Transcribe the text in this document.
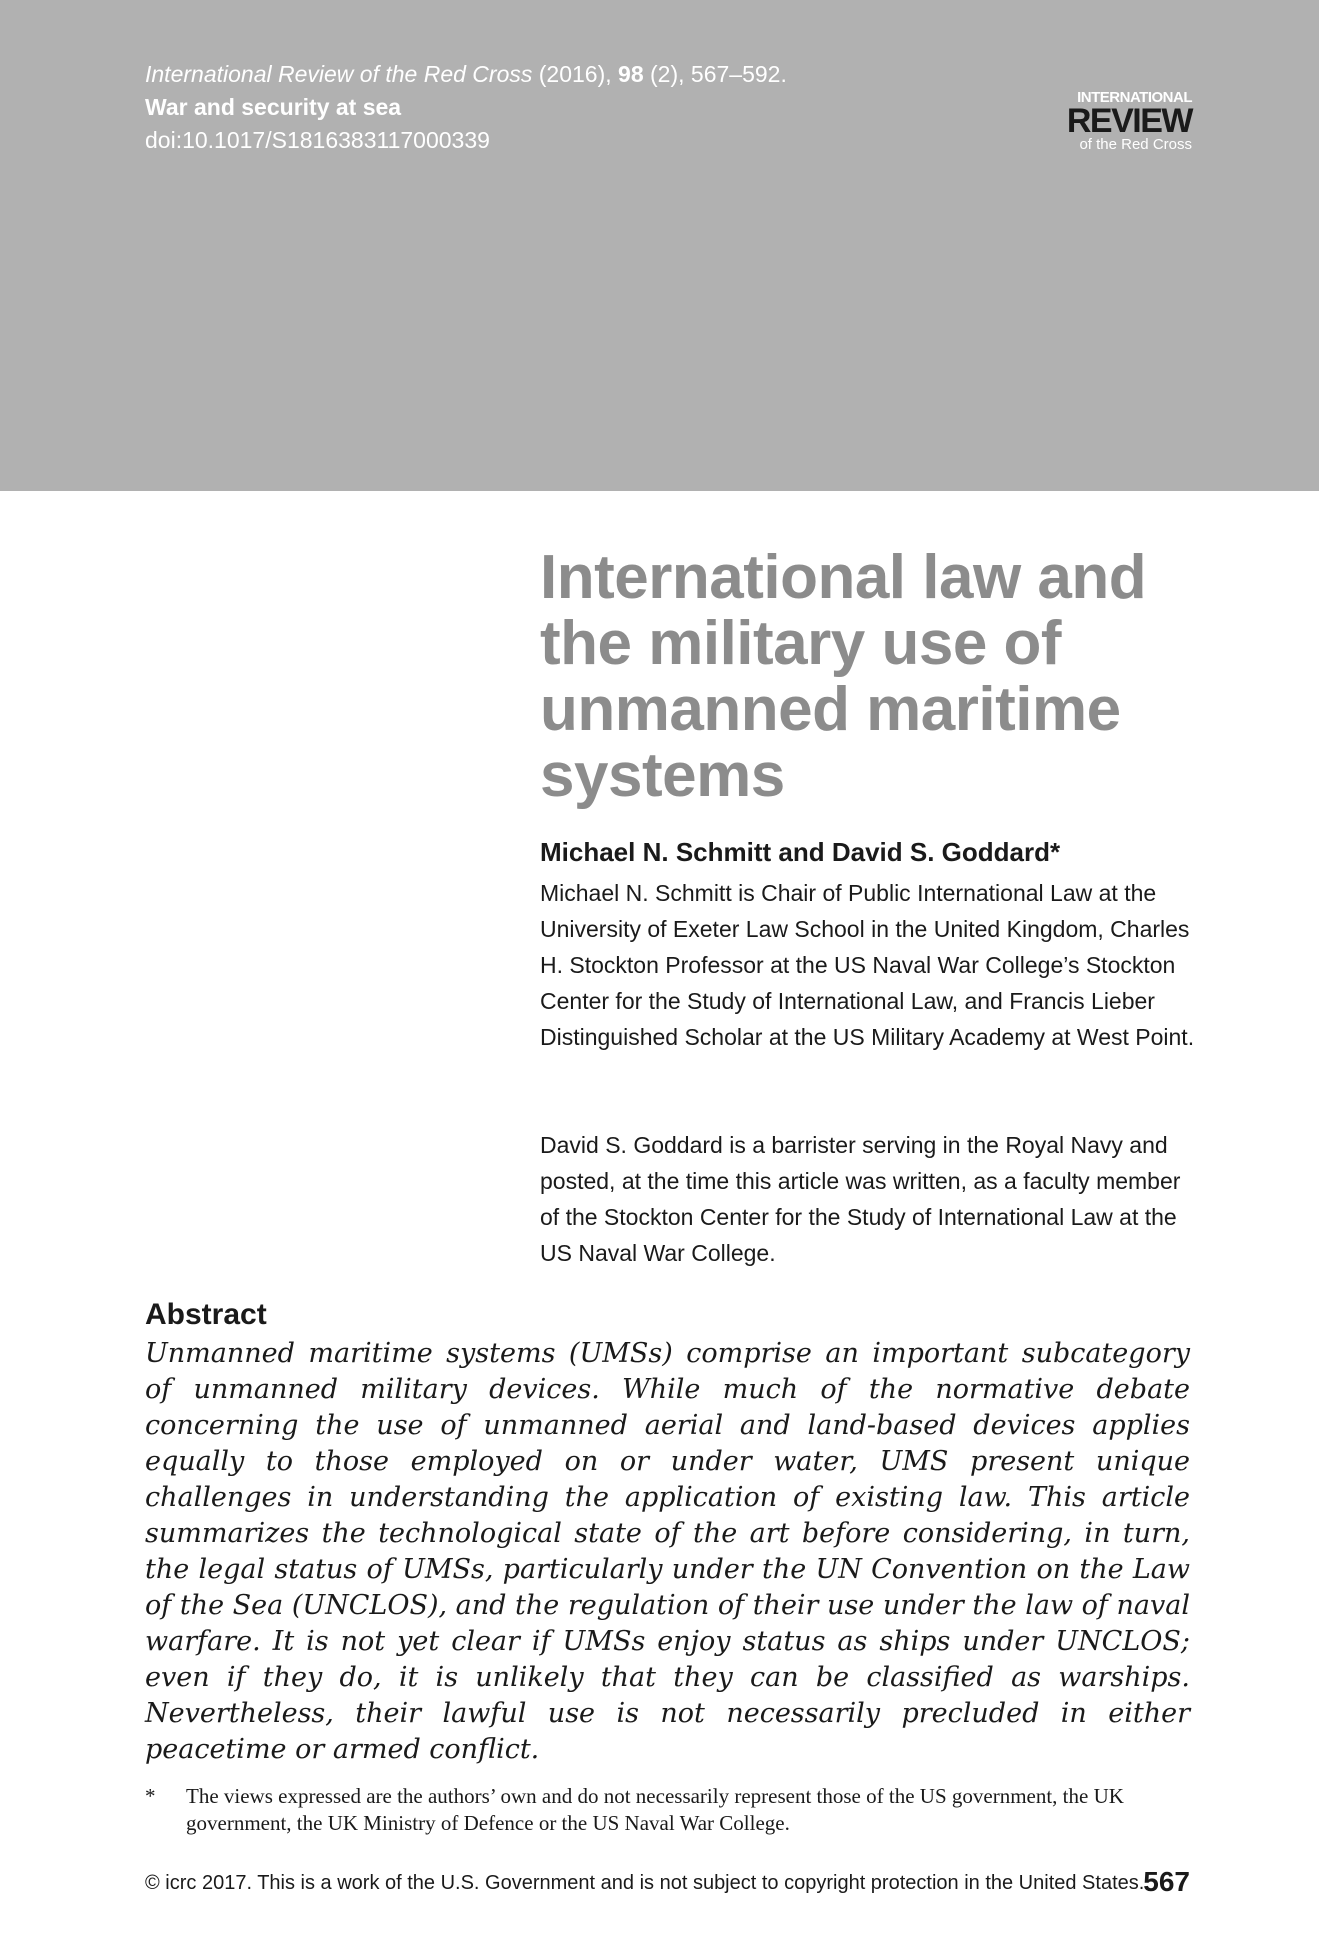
International Review of the Red Cross (2016), 98 (2), 567–592.
War and security at sea
doi:10.1017/S1816383117000339
INTERNATIONAL
REVIEW
of the Red Cross
International law and the military use of unmanned maritime systems
Michael N. Schmitt and David S. Goddard*

Michael N. Schmitt is Chair of Public International Law at the University of Exeter Law School in the United Kingdom, Charles H. Stockton Professor at the US Naval War College’s Stockton Center for the Study of International Law, and Francis Lieber Distinguished Scholar at the US Military Academy at West Point.

David S. Goddard is a barrister serving in the Royal Navy and posted, at the time this article was written, as a faculty member of the Stockton Center for the Study of International Law at the US Naval War College.

Abstract

Unmanned maritime systems (UMSs) comprise an important subcategory of unmanned military devices. While much of the normative debate concerning the use of unmanned aerial and land-based devices applies equally to those employed on or under water, UMS present unique challenges in understanding the application of existing law. This article summarizes the technological state of the art before considering, in turn, the legal status of UMSs, particularly under the UN Convention on the Law of the Sea (UNCLOS), and the regulation of their use under the law of naval warfare. It is not yet clear if UMSs enjoy status as ships under UNCLOS; even if they do, it is unlikely that they can be classified as warships. Nevertheless, their lawful use is not necessarily precluded in either peacetime or armed conflict.

* The views expressed are the authors’ own and do not necessarily represent those of the US government, the UK government, the UK Ministry of Defence or the US Naval War College.
© icrc 2017. This is a work of the U.S. Government and is not subject to copyright protection in the United States.
567
